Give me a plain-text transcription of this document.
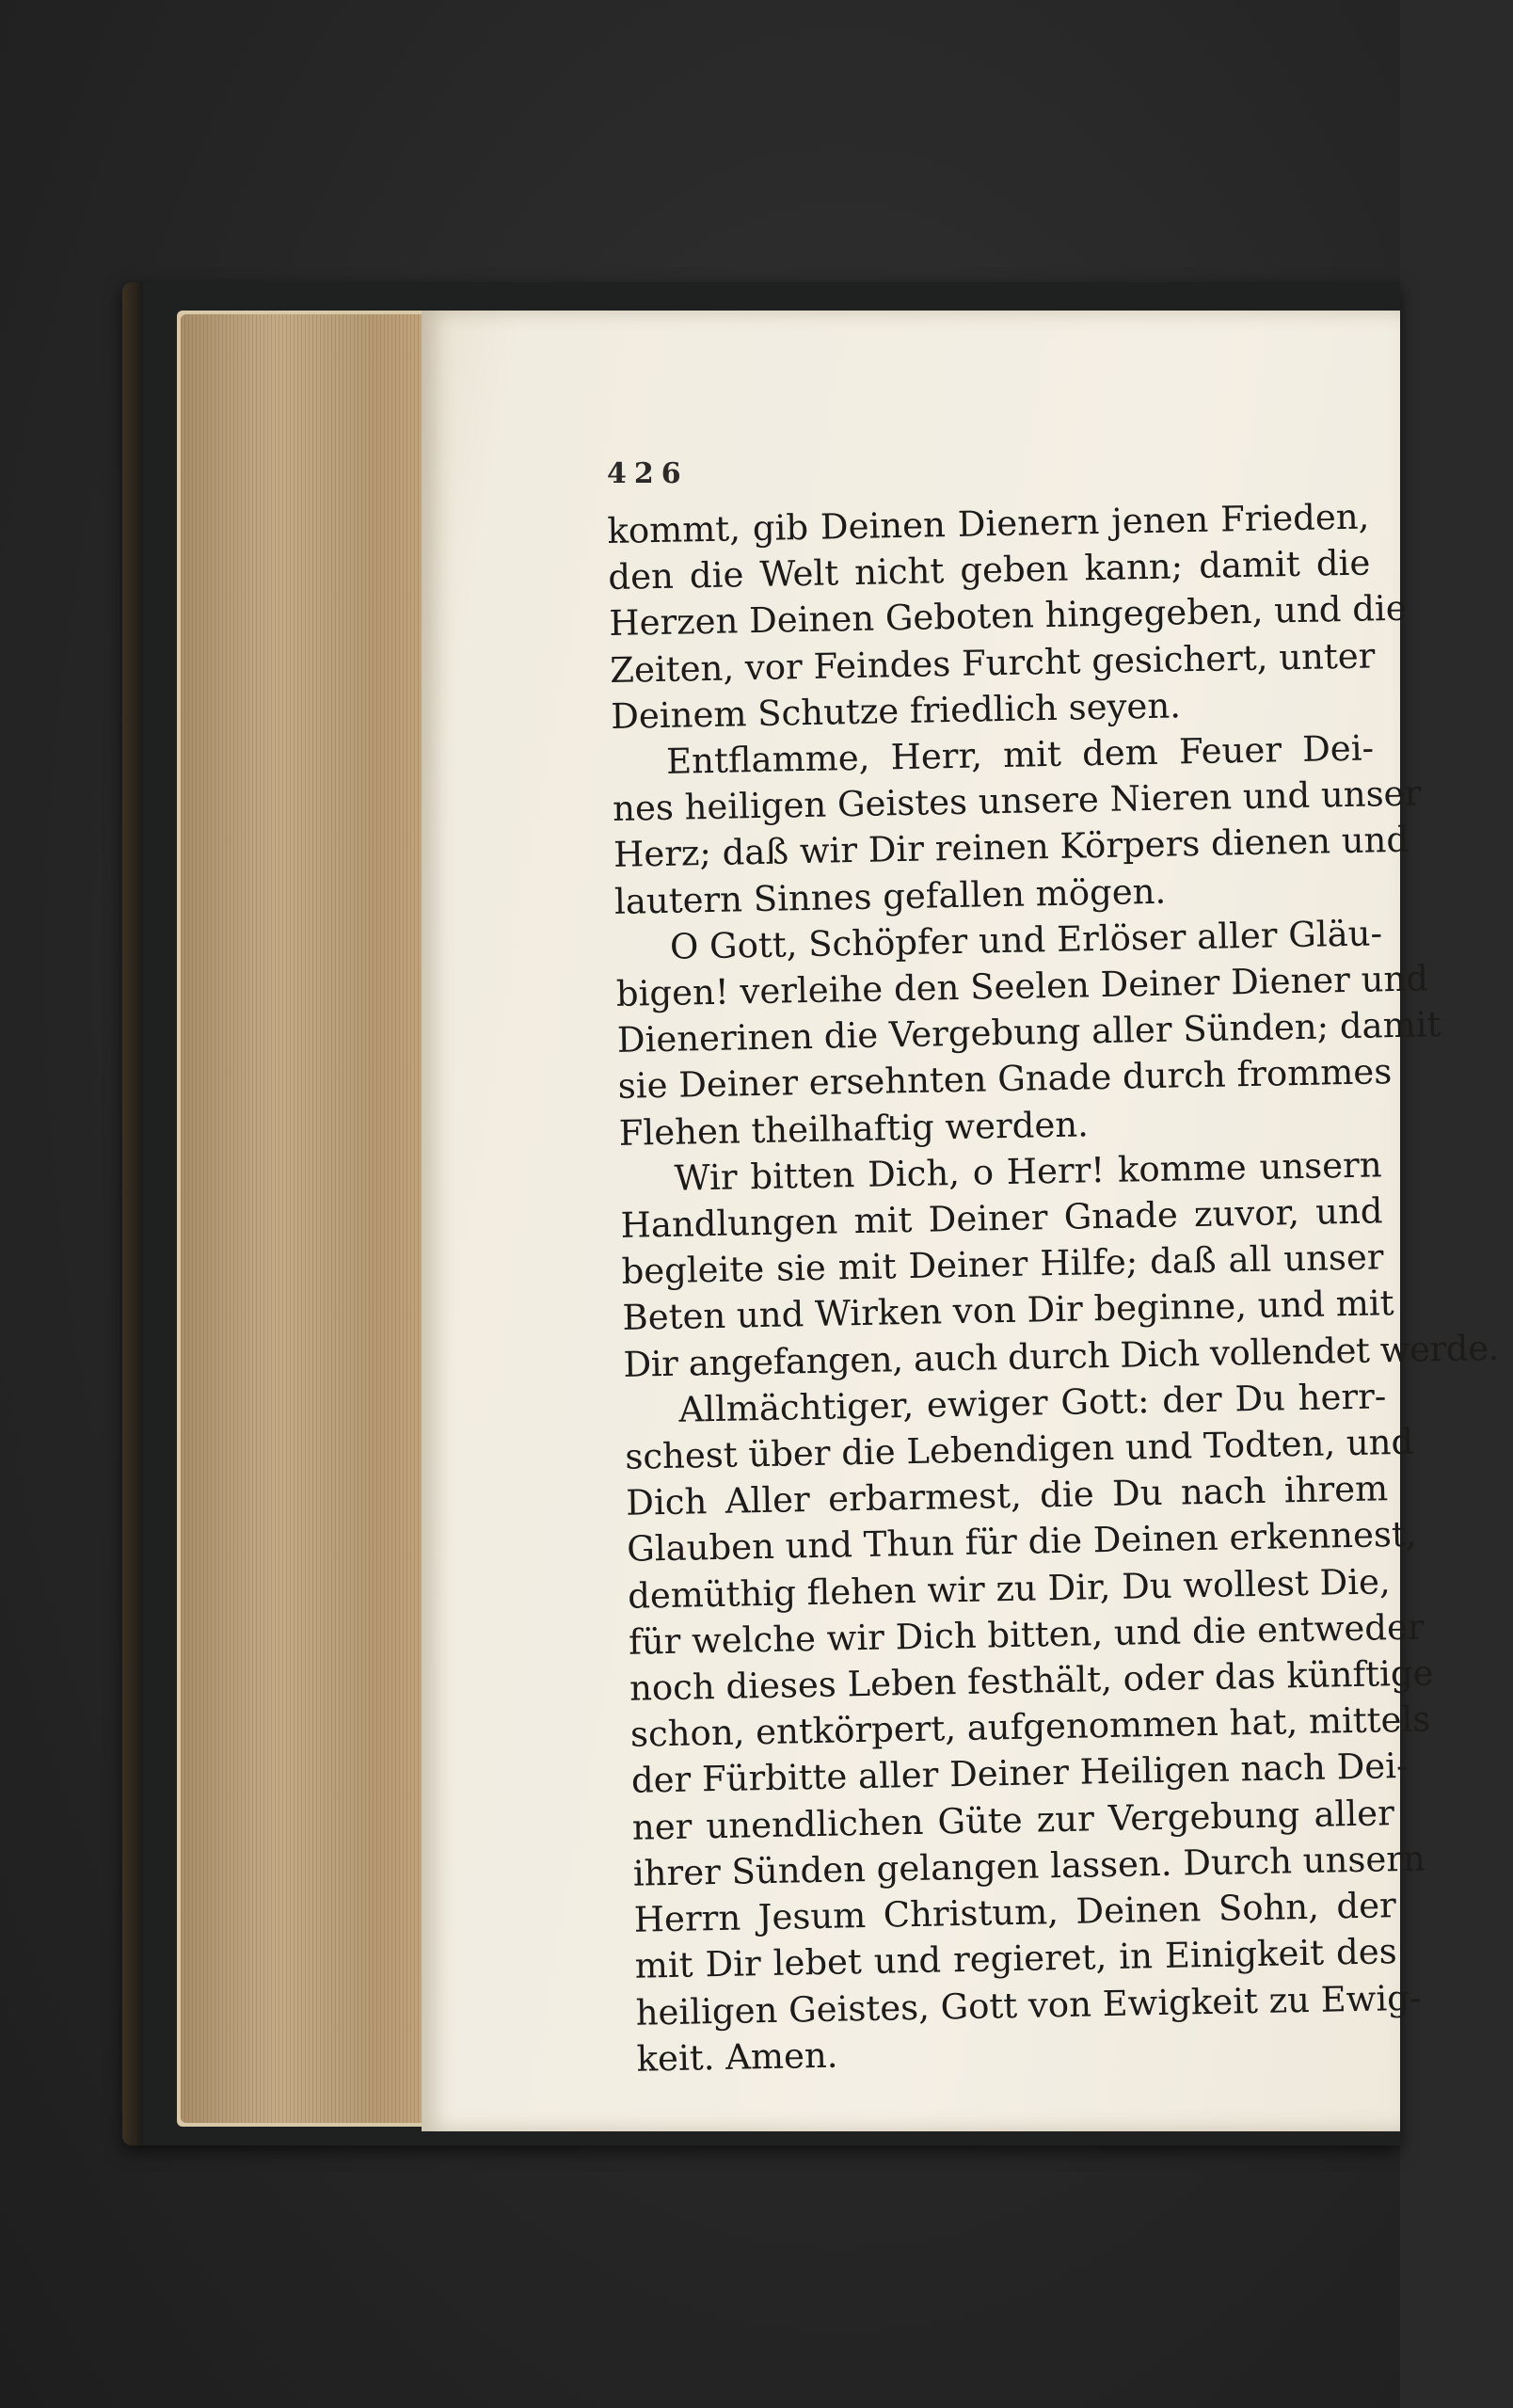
426
kommt, gib Deinen Dienern jenen Frieden,
den die Welt nicht geben kann; damit die
Herzen Deinen Geboten hingegeben, und die
Zeiten, vor Feindes Furcht gesichert, unter
Deinem Schutze friedlich seyen.
Entflamme, Herr, mit dem Feuer Dei-
nes heiligen Geistes unsere Nieren und unser
Herz; daß wir Dir reinen Körpers dienen und
lautern Sinnes gefallen mögen.
O Gott, Schöpfer und Erlöser aller Gläu-
bigen! verleihe den Seelen Deiner Diener und
Dienerinen die Vergebung aller Sünden; damit
sie Deiner ersehnten Gnade durch frommes
Flehen theilhaftig werden.
Wir bitten Dich, o Herr! komme unsern
Handlungen mit Deiner Gnade zuvor, und
begleite sie mit Deiner Hilfe; daß all unser
Beten und Wirken von Dir beginne, und mit
Dir angefangen, auch durch Dich vollendet werde.
Allmächtiger, ewiger Gott: der Du herr-
schest über die Lebendigen und Todten, und
Dich Aller erbarmest, die Du nach ihrem
Glauben und Thun für die Deinen erkennest,
demüthig flehen wir zu Dir, Du wollest Die,
für welche wir Dich bitten, und die entweder
noch dieses Leben festhält, oder das künftige
schon, entkörpert, aufgenommen hat, mittels
der Fürbitte aller Deiner Heiligen nach Dei-
ner unendlichen Güte zur Vergebung aller
ihrer Sünden gelangen lassen. Durch unsern
Herrn Jesum Christum, Deinen Sohn, der
mit Dir lebet und regieret, in Einigkeit des
heiligen Geistes, Gott von Ewigkeit zu Ewig-
keit. Amen.
